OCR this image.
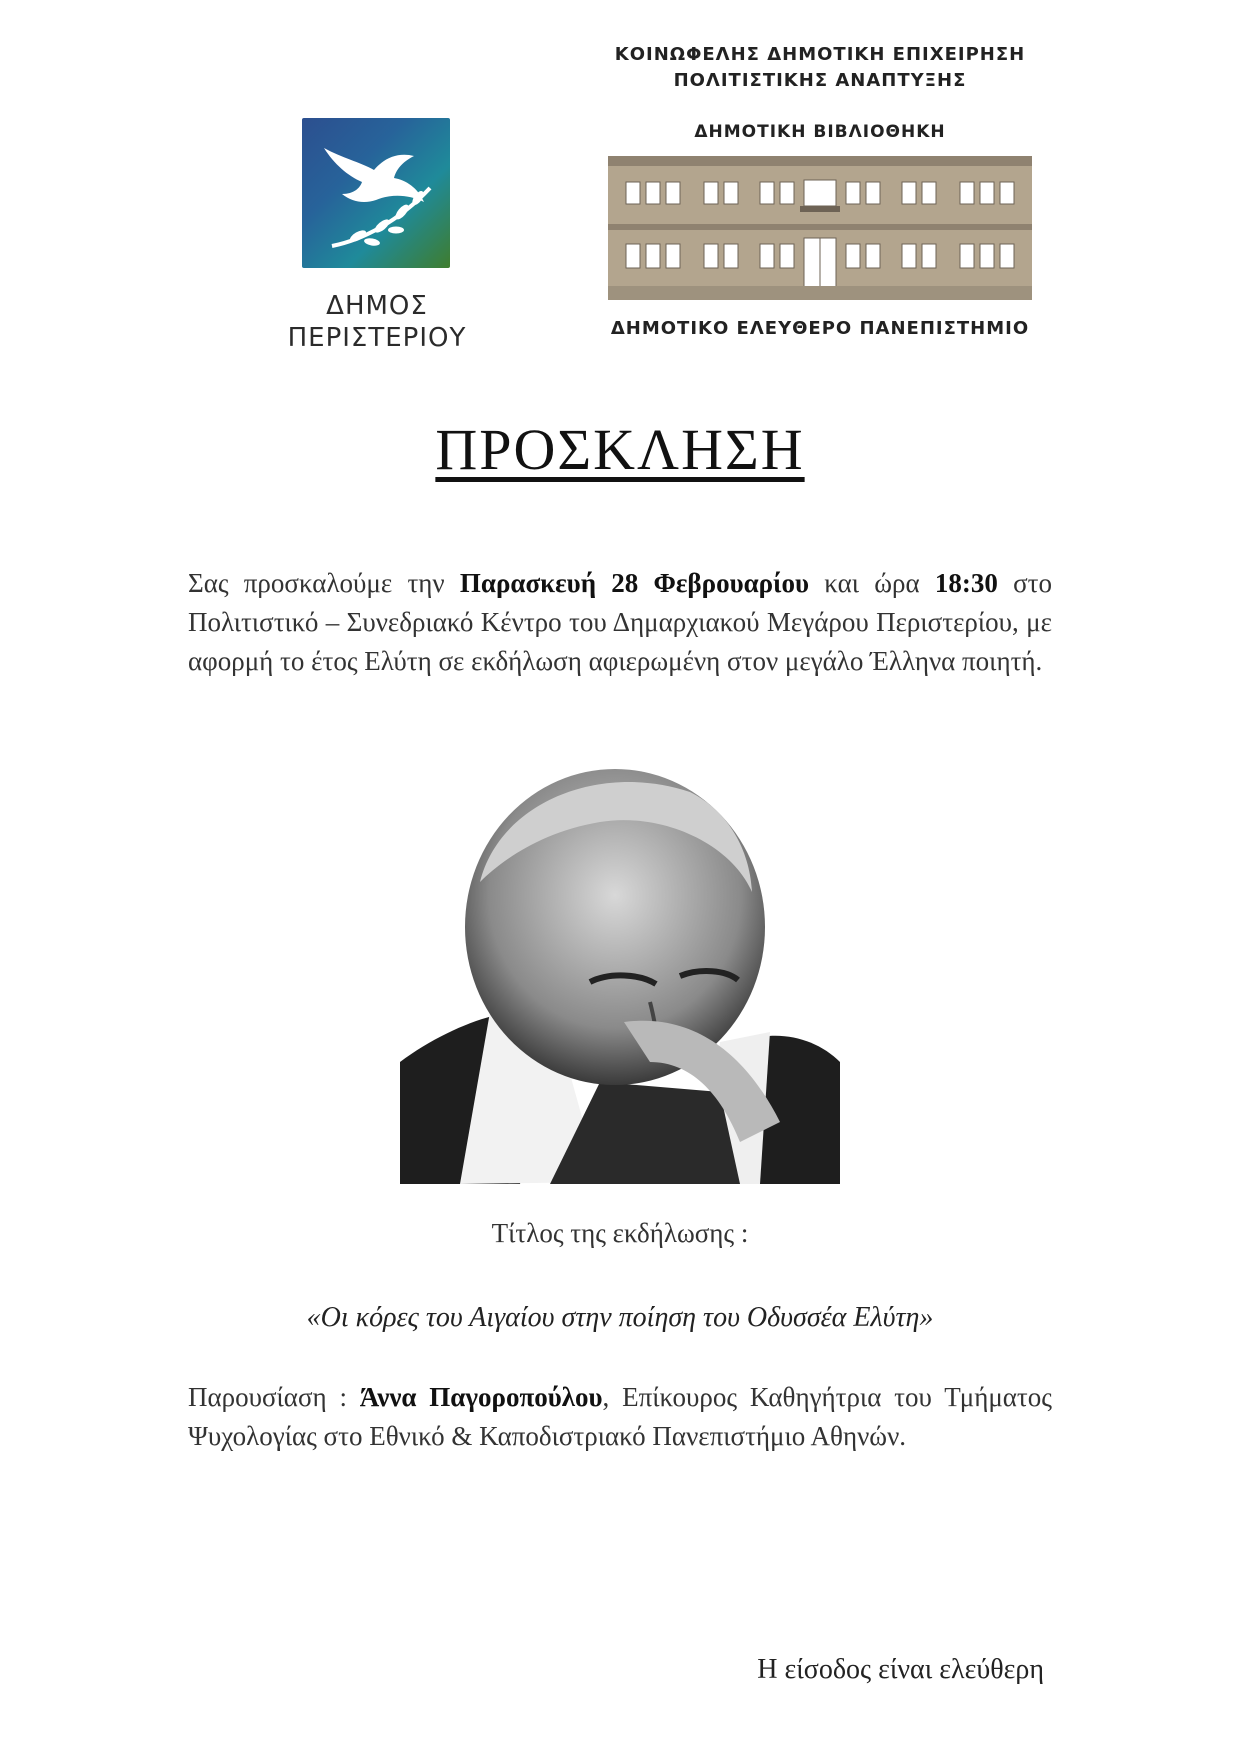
ΔΗΜΟΣ
ΠΕΡΙΣΤΕΡΙΟΥ
ΚΟΙΝΩΦΕΛΗΣ ΔΗΜΟΤΙΚΗ ΕΠΙΧΕΙΡΗΣΗ
ΠΟΛΙΤΙΣΤΙΚΗΣ ΑΝΑΠΤΥΞΗΣ
ΔΗΜΟΤΙΚΗ ΒΙΒΛΙΟΘΗΚΗ
ΔΗΜΟΤΙΚΟ ΕΛΕΥΘΕΡΟ ΠΑΝΕΠΙΣΤΗΜΙΟ
ΠΡΟΣΚΛΗΣΗ
Σας προσκαλούμε την Παρασκευή 28 Φεβρουαρίου και ώρα 18:30 στο Πολιτιστικό – Συνεδριακό Κέντρο του Δημαρχιακού Μεγάρου Περιστερίου, με αφορμή το έτος Ελύτη σε εκδήλωση αφιερωμένη στον μεγάλο Έλληνα ποιητή.
Τίτλος της εκδήλωσης :
«Οι κόρες του Αιγαίου στην ποίηση του Οδυσσέα Ελύτη»
Παρουσίαση : Άννα Παγοροπούλου, Επίκουρος Καθηγήτρια του Τμήματος Ψυχολογίας στο Εθνικό & Καποδιστριακό Πανεπιστήμιο Αθηνών.
Η είσοδος είναι ελεύθερη
